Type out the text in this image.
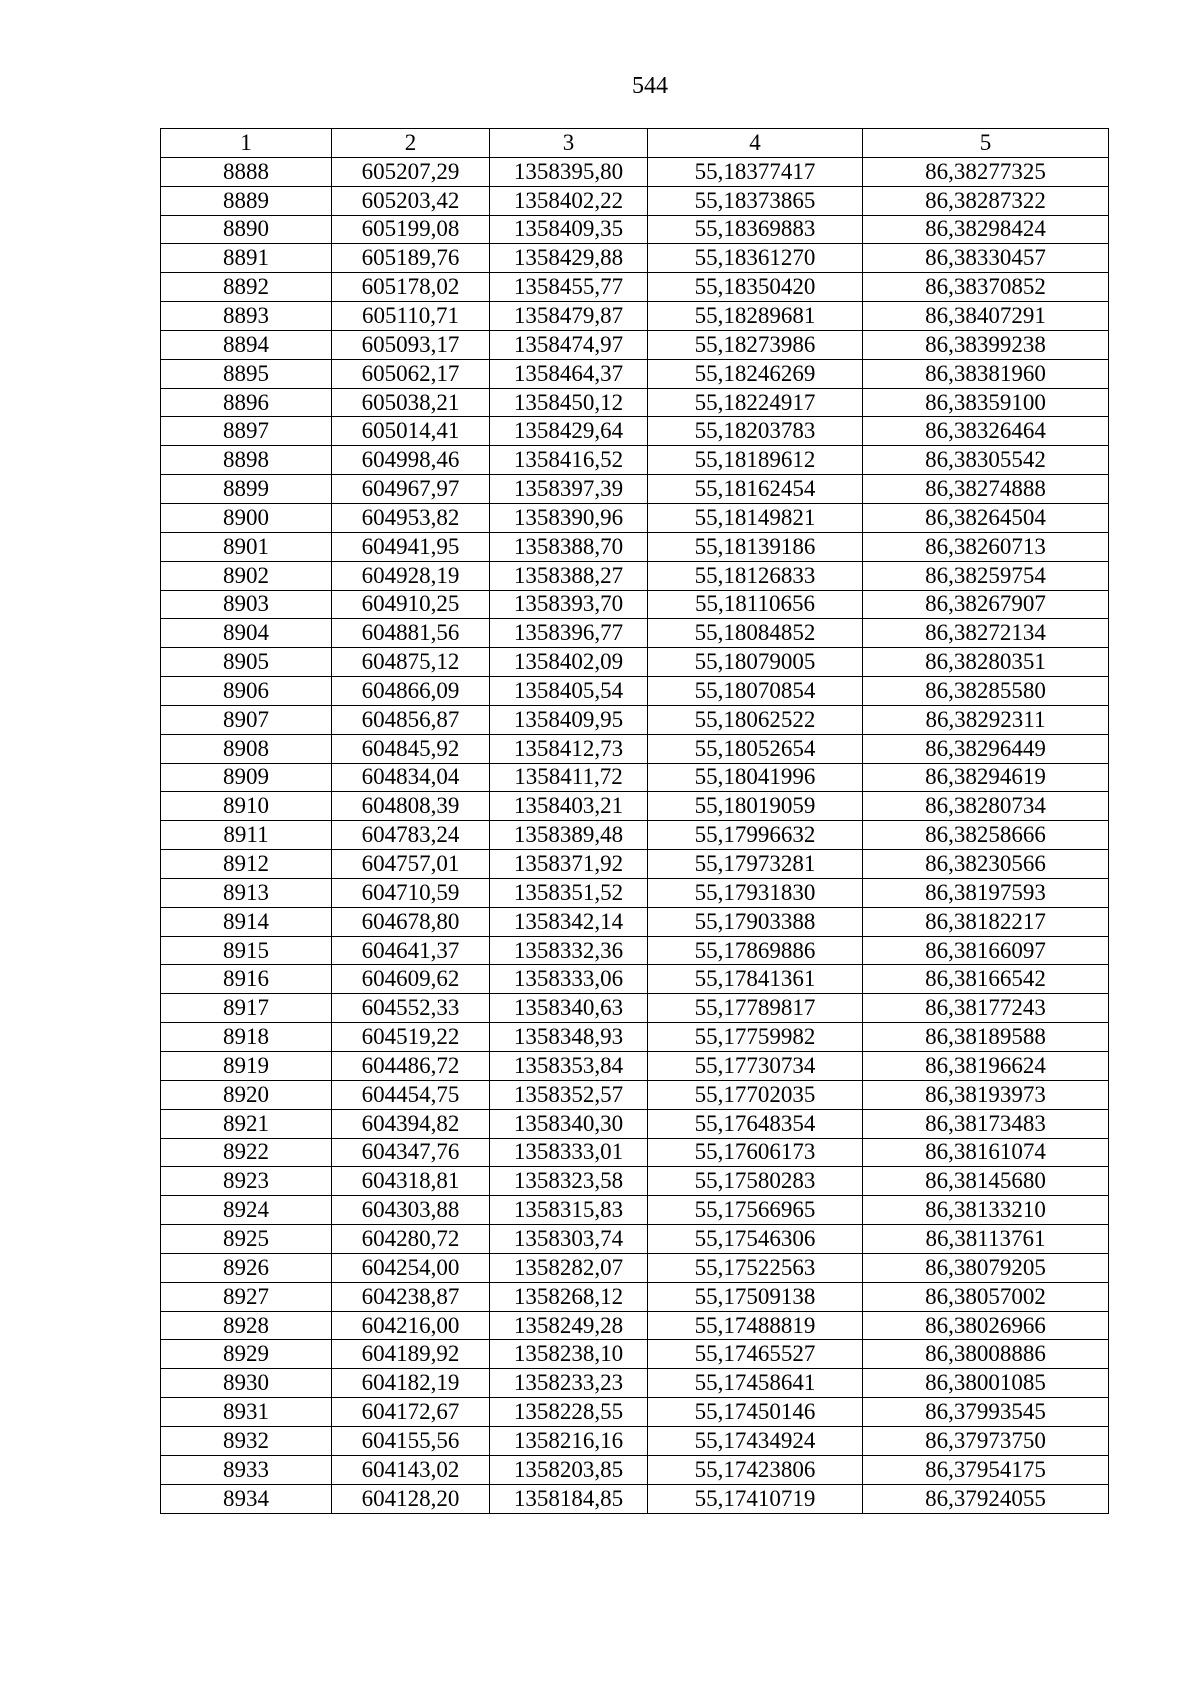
544
1	2	3	4	5
8888	605207,29	1358395,80	55,18377417	86,38277325
8889	605203,42	1358402,22	55,18373865	86,38287322
8890	605199,08	1358409,35	55,18369883	86,38298424
8891	605189,76	1358429,88	55,18361270	86,38330457
8892	605178,02	1358455,77	55,18350420	86,38370852
8893	605110,71	1358479,87	55,18289681	86,38407291
8894	605093,17	1358474,97	55,18273986	86,38399238
8895	605062,17	1358464,37	55,18246269	86,38381960
8896	605038,21	1358450,12	55,18224917	86,38359100
8897	605014,41	1358429,64	55,18203783	86,38326464
8898	604998,46	1358416,52	55,18189612	86,38305542
8899	604967,97	1358397,39	55,18162454	86,38274888
8900	604953,82	1358390,96	55,18149821	86,38264504
8901	604941,95	1358388,70	55,18139186	86,38260713
8902	604928,19	1358388,27	55,18126833	86,38259754
8903	604910,25	1358393,70	55,18110656	86,38267907
8904	604881,56	1358396,77	55,18084852	86,38272134
8905	604875,12	1358402,09	55,18079005	86,38280351
8906	604866,09	1358405,54	55,18070854	86,38285580
8907	604856,87	1358409,95	55,18062522	86,38292311
8908	604845,92	1358412,73	55,18052654	86,38296449
8909	604834,04	1358411,72	55,18041996	86,38294619
8910	604808,39	1358403,21	55,18019059	86,38280734
8911	604783,24	1358389,48	55,17996632	86,38258666
8912	604757,01	1358371,92	55,17973281	86,38230566
8913	604710,59	1358351,52	55,17931830	86,38197593
8914	604678,80	1358342,14	55,17903388	86,38182217
8915	604641,37	1358332,36	55,17869886	86,38166097
8916	604609,62	1358333,06	55,17841361	86,38166542
8917	604552,33	1358340,63	55,17789817	86,38177243
8918	604519,22	1358348,93	55,17759982	86,38189588
8919	604486,72	1358353,84	55,17730734	86,38196624
8920	604454,75	1358352,57	55,17702035	86,38193973
8921	604394,82	1358340,30	55,17648354	86,38173483
8922	604347,76	1358333,01	55,17606173	86,38161074
8923	604318,81	1358323,58	55,17580283	86,38145680
8924	604303,88	1358315,83	55,17566965	86,38133210
8925	604280,72	1358303,74	55,17546306	86,38113761
8926	604254,00	1358282,07	55,17522563	86,38079205
8927	604238,87	1358268,12	55,17509138	86,38057002
8928	604216,00	1358249,28	55,17488819	86,38026966
8929	604189,92	1358238,10	55,17465527	86,38008886
8930	604182,19	1358233,23	55,17458641	86,38001085
8931	604172,67	1358228,55	55,17450146	86,37993545
8932	604155,56	1358216,16	55,17434924	86,37973750
8933	604143,02	1358203,85	55,17423806	86,37954175
8934	604128,20	1358184,85	55,17410719	86,37924055
